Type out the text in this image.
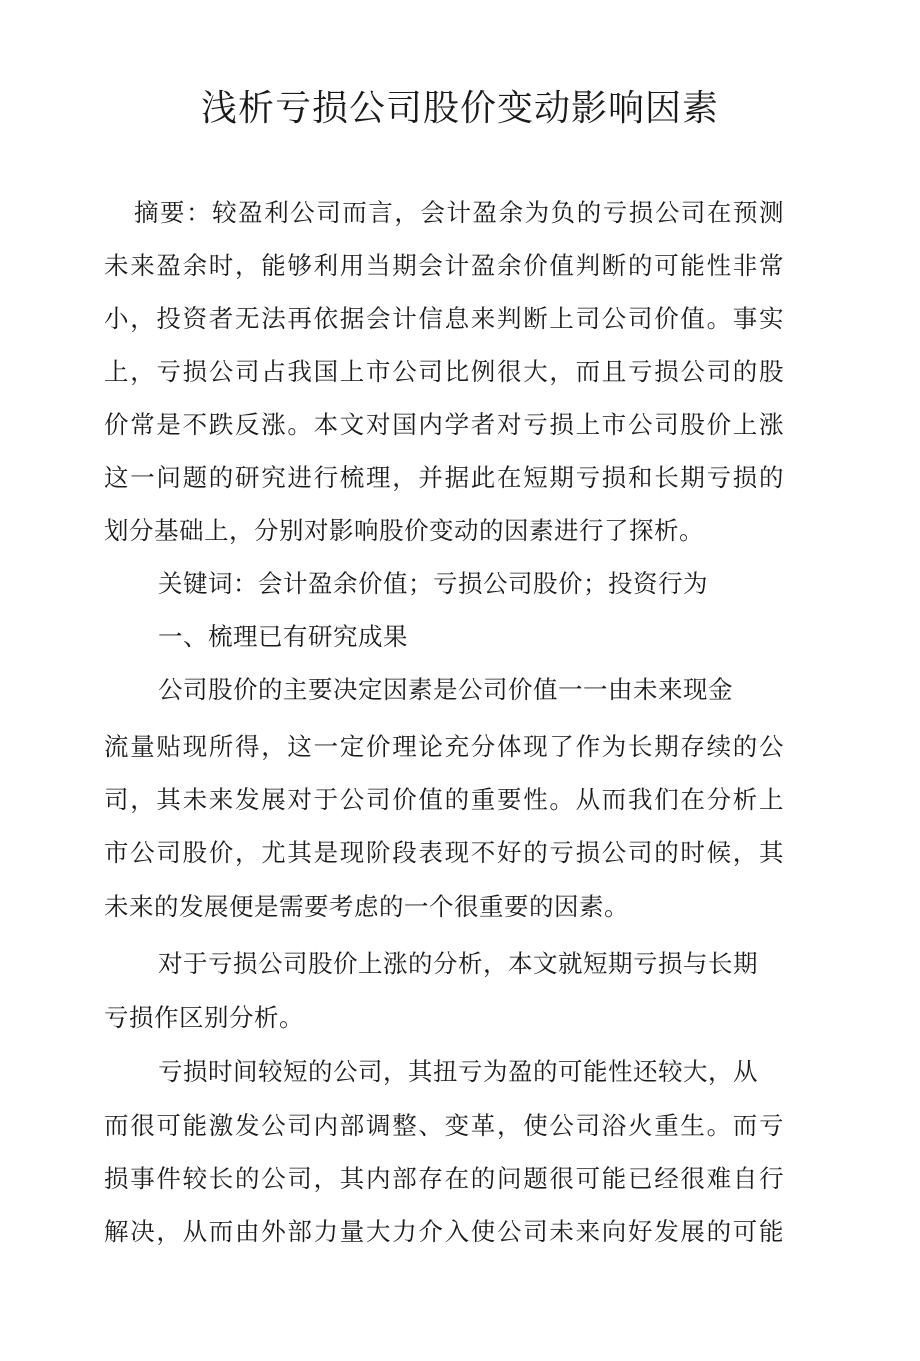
浅析亏损公司股价变动影响因素
摘要：较盈利公司而言，会计盈余为负的亏损公司在预测
未来盈余时，能够利用当期会计盈余价值判断的可能性非常
小，投资者无法再依据会计信息来判断上司公司价值。事实
上，亏损公司占我国上市公司比例很大，而且亏损公司的股
价常是不跌反涨。本文对国内学者对亏损上市公司股价上涨
这一问题的研究进行梳理，并据此在短期亏损和长期亏损的
划分基础上，分别对影响股价变动的因素进行了探析。
关键词：会计盈余价值；亏损公司股价；投资行为
一、梳理已有研究成果
公司股价的主要决定因素是公司价值一一由未来现金
流量贴现所得，这一定价理论充分体现了作为长期存续的公
司，其未来发展对于公司价值的重要性。从而我们在分析上
市公司股价，尤其是现阶段表现不好的亏损公司的时候，其
未来的发展便是需要考虑的一个很重要的因素。
对于亏损公司股价上涨的分析，本文就短期亏损与长期
亏损作区别分析。
亏损时间较短的公司，其扭亏为盈的可能性还较大，从
而很可能激发公司内部调整、变革，使公司浴火重生。而亏
损事件较长的公司，其内部存在的问题很可能已经很难自行
解决，从而由外部力量大力介入使公司未来向好发展的可能
